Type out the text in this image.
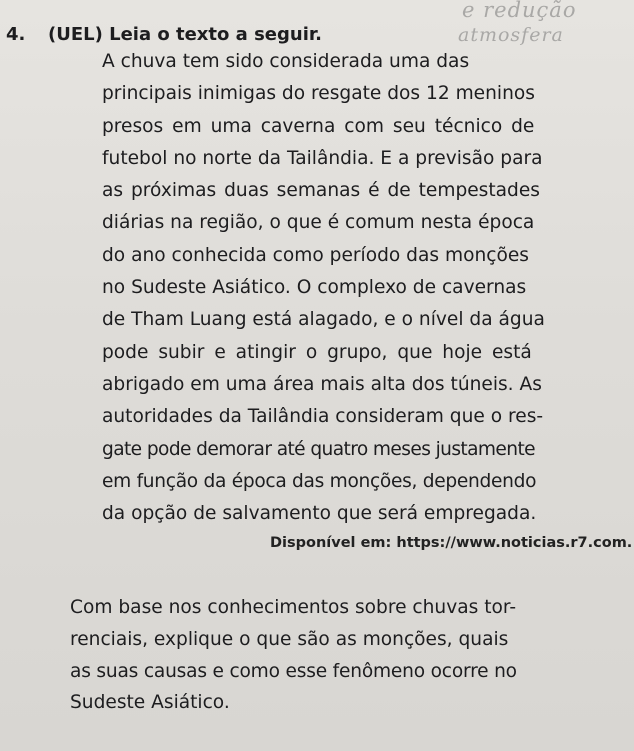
e redução
atmosfera
4. (UEL) Leia o texto a seguir.
A chuva tem sido considerada uma das
principais inimigas do resgate dos 12 meninos
presos em uma caverna com seu técnico de
futebol no norte da Tailândia. E a previsão para
as próximas duas semanas é de tempestades
diárias na região, o que é comum nesta época
do ano conhecida como período das monções
no Sudeste Asiático. O complexo de cavernas
de Tham Luang está alagado, e o nível da água
pode subir e atingir o grupo, que hoje está
abrigado em uma área mais alta dos túneis. As
autoridades da Tailândia consideram que o res-
gate pode demorar até quatro meses justamente
em função da época das monções, dependendo
da opção de salvamento que será empregada.
Disponível em: https://www.noticias.r7.com.
Com base nos conhecimentos sobre chuvas tor-
renciais, explique o que são as monções, quais
as suas causas e como esse fenômeno ocorre no
Sudeste Asiático.
